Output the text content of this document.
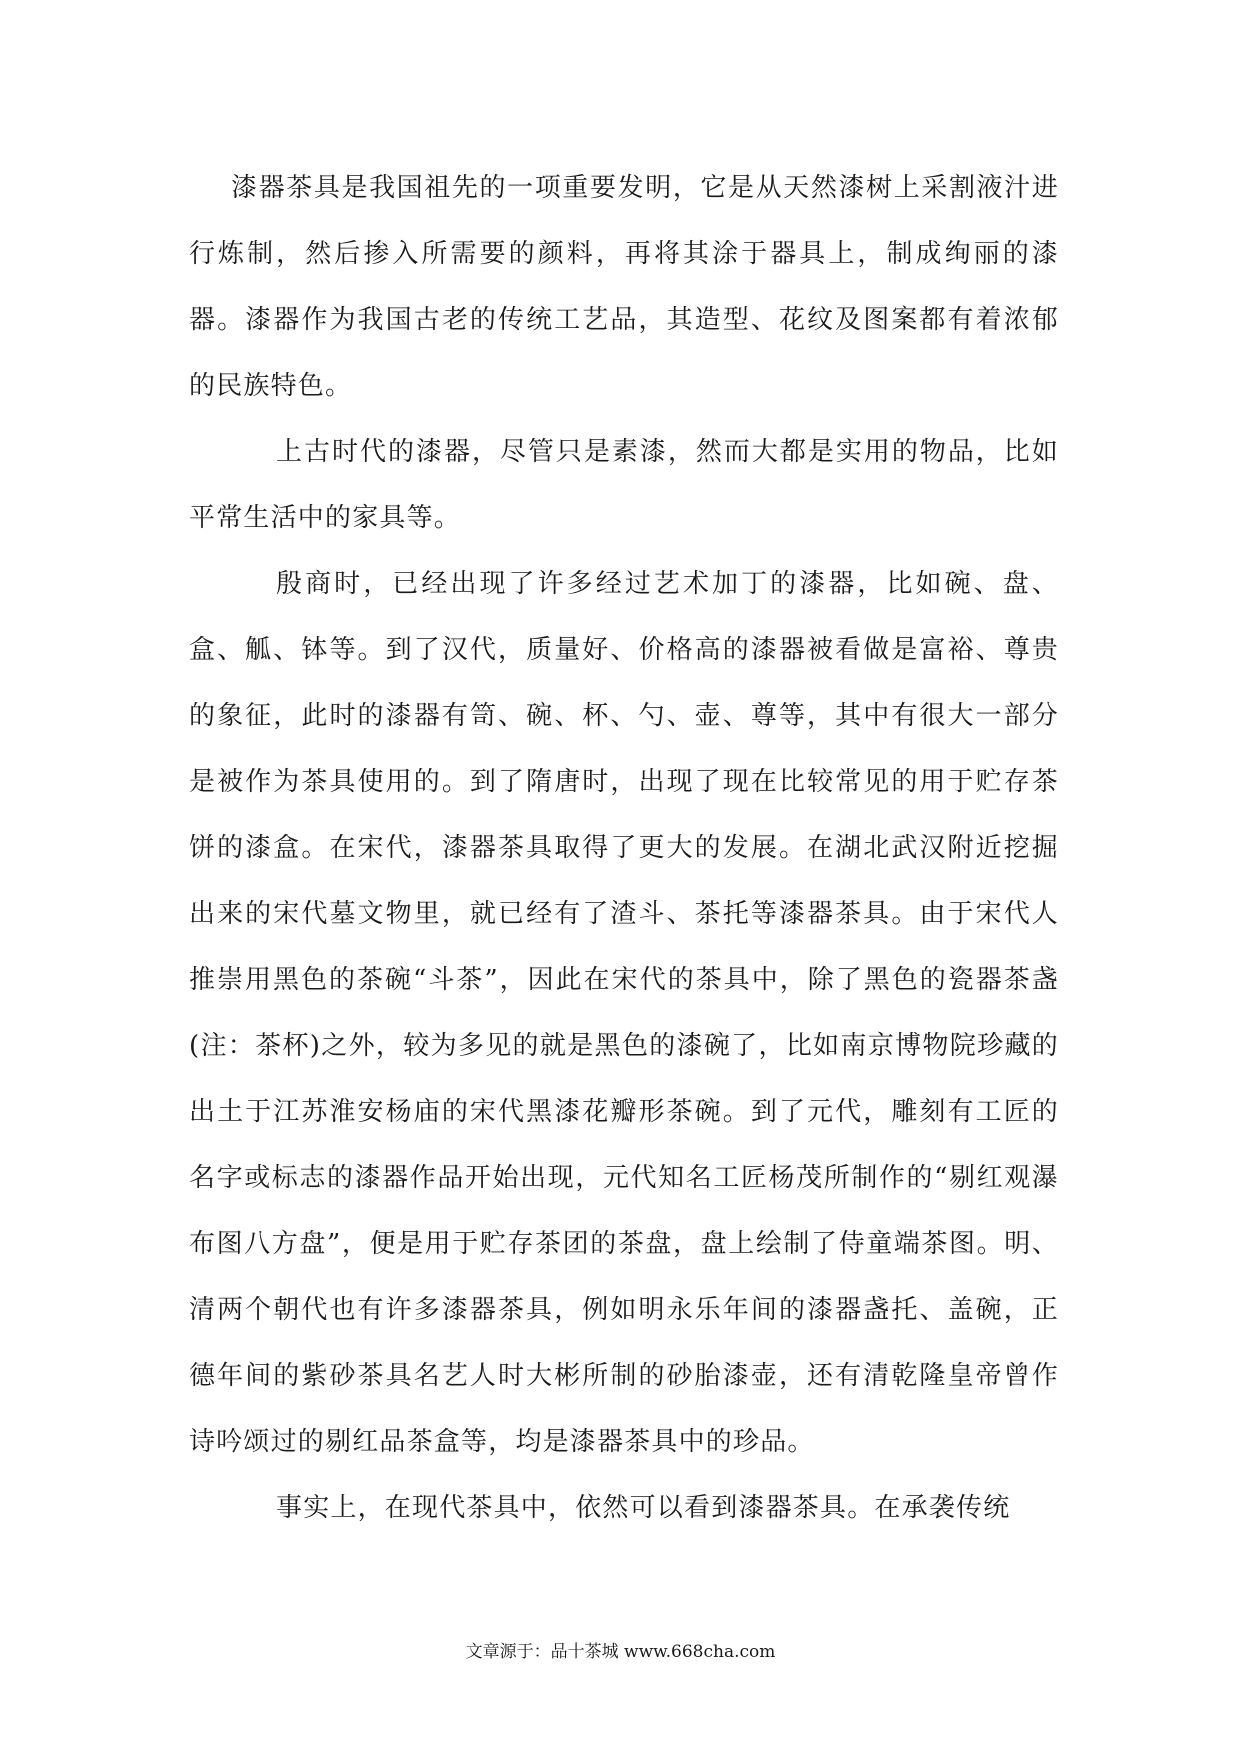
漆器茶具是我国祖先的一项重要发明，它是从天然漆树上采割液汁进行炼制，然后掺入所需要的颜料，再将其涂于器具上，制成绚丽的漆器。漆器作为我国古老的传统工艺品，其造型、花纹及图案都有着浓郁的民族特色。

上古时代的漆器，尽管只是素漆，然而大都是实用的物品，比如平常生活中的家具等。

殷商时，已经出现了许多经过艺术加丁的漆器，比如碗、盘、盒、觚、钵等。到了汉代，质量好、价格高的漆器被看做是富裕、尊贵的象征，此时的漆器有笥、碗、杯、勺、壶、尊等，其中有很大一部分是被作为茶具使用的。到了隋唐时，出现了现在比较常见的用于贮存茶饼的漆盒。在宋代，漆器茶具取得了更大的发展。在湖北武汉附近挖掘出来的宋代墓文物里，就已经有了渣斗、茶托等漆器茶具。由于宋代人推崇用黑色的茶碗“斗茶”，因此在宋代的茶具中，除了黑色的瓷器茶盏(注：茶杯)之外，较为多见的就是黑色的漆碗了，比如南京博物院珍藏的出土于江苏淮安杨庙的宋代黑漆花瓣形茶碗。到了元代，雕刻有工匠的名字或标志的漆器作品开始出现，元代知名工匠杨茂所制作的“剔红观瀑布图八方盘”，便是用于贮存茶团的茶盘，盘上绘制了侍童端茶图。明、清两个朝代也有许多漆器茶具，例如明永乐年间的漆器盏托、盖碗，正德年间的紫砂茶具名艺人时大彬所制的砂胎漆壶，还有清乾隆皇帝曾作诗吟颂过的剔红品茶盒等，均是漆器茶具中的珍品。

事实上，在现代茶具中，依然可以看到漆器茶具。在承袭传统

文章源于：品十茶城 www.668cha.com
